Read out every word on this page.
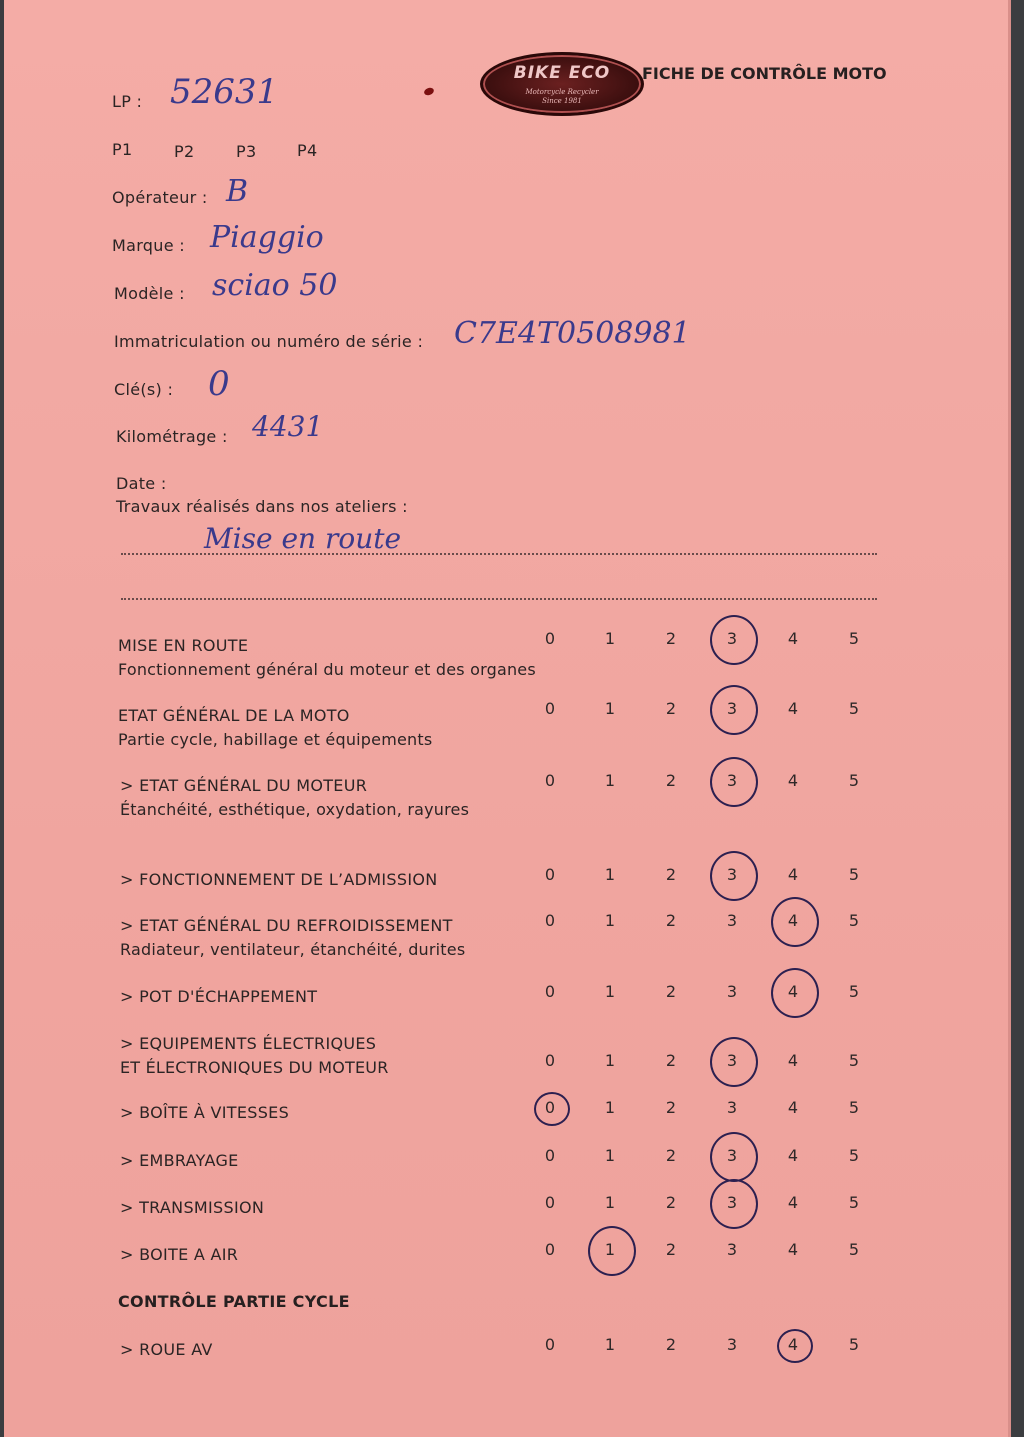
BIKE ECO
Motorcycle Recycler
Since 1981
FICHE DE CONTRÔLE MOTO
LP : 52631
P1	P2	P3	P4
Opérateur : B
Marque : Piaggio
Modèle : sciao 50
Immatriculation ou numéro de série : C7E4T0508981
Clé(s) : 0
Kilométrage : 4431
Date :
Travaux réalisés dans nos ateliers :
Mise en route
MISE EN ROUTE
Fonctionnement général du moteur et des organes
0	1	2	3	4	5
ETAT GÉNÉRAL DE LA MOTO
Partie cycle, habillage et équipements
0	1	2	3	4	5
> ETAT GÉNÉRAL DU MOTEUR
Étanchéité, esthétique, oxydation, rayures
0	1	2	3	4	5
> FONCTIONNEMENT DE L’ADMISSION	0	1	2	3	4	5
> ETAT GÉNÉRAL DU REFROIDISSEMENT
Radiateur, ventilateur, étanchéité, durites
0	1	2	3	4	5
> POT D'ÉCHAPPEMENT	0	1	2	3	4	5
> EQUIPEMENTS ÉLECTRIQUES
ET ÉLECTRONIQUES DU MOTEUR	0	1	2	3	4	5
> BOÎTE À VITESSES	0	1	2	3	4	5
> EMBRAYAGE	0	1	2	3	4	5
> TRANSMISSION	0	1	2	3	4	5
> BOITE A AIR	0	1	2	3	4	5
CONTRÔLE PARTIE CYCLE
> ROUE AV	0	1	2	3	4	5
